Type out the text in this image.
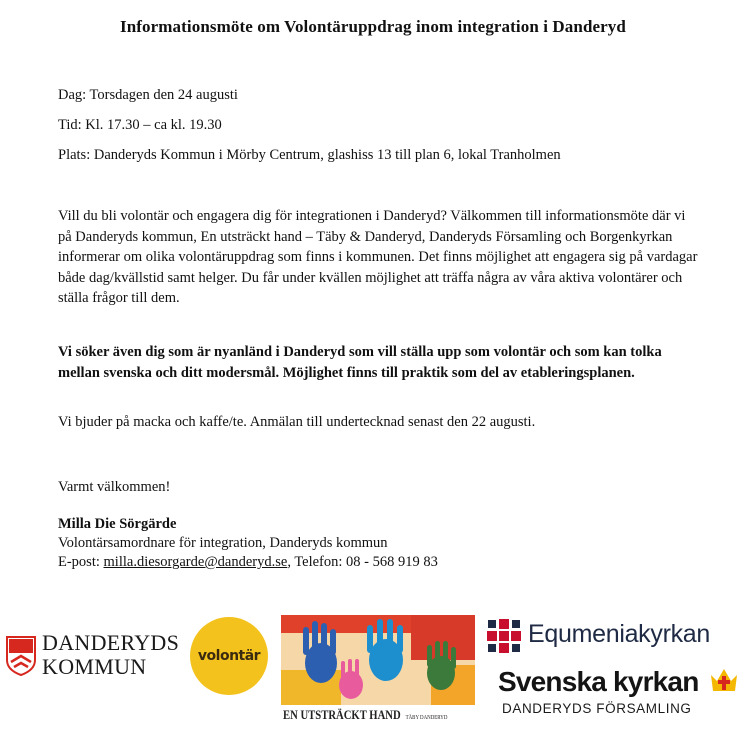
Informationsmöte om Volontäruppdrag inom integration i Danderyd
Dag: Torsdagen den 24 augusti
Tid: Kl. 17.30 – ca kl. 19.30
Plats: Danderyds Kommun i Mörby Centrum, glashiss 13 till plan 6, lokal Tranholmen
Vill du bli volontär och engagera dig för integrationen i Danderyd? Välkommen till informationsmöte där vi på Danderyds kommun, En utsträckt hand – Täby & Danderyd, Danderyds Församling och Borgenkyrkan informerar om olika volontäruppdrag som finns i kommunen. Det finns möjlighet att engagera sig på vardagar både dag/kvällstid samt helger. Du får under kvällen möjlighet att träffa några av våra aktiva volontärer och ställa frågor till dem.
Vi söker även dig som är nyanländ i Danderyd som vill ställa upp som volontär och som kan tolka mellan svenska och ditt modersmål. Möjlighet finns till praktik som del av etableringsplanen.
Vi bjuder på macka och kaffe/te. Anmälan till undertecknad senast den 22 augusti.
Varmt välkommen!
Milla Die Sörgärde
Volontärsamordnare för integration, Danderyds kommun
E-post: milla.diesorgarde@danderyd.se, Telefon: 08 - 568 919 83
DANDERYDS
KOMMUN	volontär
EN UTSTRÄCKT HAND TÄBY DANDERYD
Equmeniakyrkan
Svenska kyrkan
DANDERYDS FÖRSAMLING
